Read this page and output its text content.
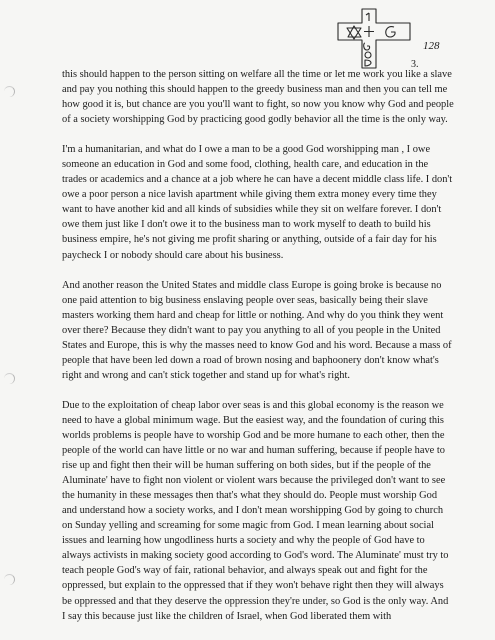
128
3.

this should happen to the person sitting on welfare all the time or let me work you like a slave and pay you nothing this should happen to the greedy business man and then you can tell me how good it is, but chance are you you'll want to fight, so now you know why God and people of a society worshipping God by practicing good godly behavior all the time is the only way.

I'm a humanitarian, and what do I owe a man to be a good God worshipping man , I owe someone an education in God and some food, clothing, health care, and education in the trades or academics and a chance at a job where he can have a decent middle class life. I don't owe a poor person a nice lavish apartment while giving them extra money every time they want to have another kid and all kinds of subsidies while they sit on welfare forever. I don't owe them just like I don't owe it to the business man to work myself to death to build his business empire, he's not giving me profit sharing or anything, outside of a fair day for his paycheck I or nobody should care about his business.

And another reason the United States and middle class Europe is going broke is because no one paid attention to big business enslaving people over seas, basically being their slave masters working them hard and cheap for little or nothing. And why do you think they went over there? Because they didn't want to pay you anything to all of you people in the United States and Europe, this is why the masses need to know God and his word. Because a mass of people that have been led down a road of brown nosing and baphoonery don't know what's right and wrong and can't stick together and stand up for what's right.

Due to the exploitation of cheap labor over seas is and this global economy is the reason we need to have a global minimum wage. But the easiest way, and the foundation of curing this worlds problems is people have to worship God and be more humane to each other, then the people of the world can have little or no war and human suffering, because if people have to rise up and fight then their will be human suffering on both sides, but if the people of the Aluminate' have to fight non violent or violent wars because the privileged don't want to see the humanity in these messages then that's what they should do. People must worship God and understand how a society works, and I don't mean worshipping God by going to church on Sunday yelling and screaming for some magic from God. I mean learning about social issues and learning how ungodliness hurts a society and why the people of God have to always activists in making society good according to God's word. The Aluminate' must try to teach people God's way of fair, rational behavior, and always speak out and fight for the oppressed, but explain to the oppressed that if they won't behave right then they will always be oppressed and that they deserve the oppression they're under, so God is the only way. And I say this because just like the children of Israel, when God liberated them with
